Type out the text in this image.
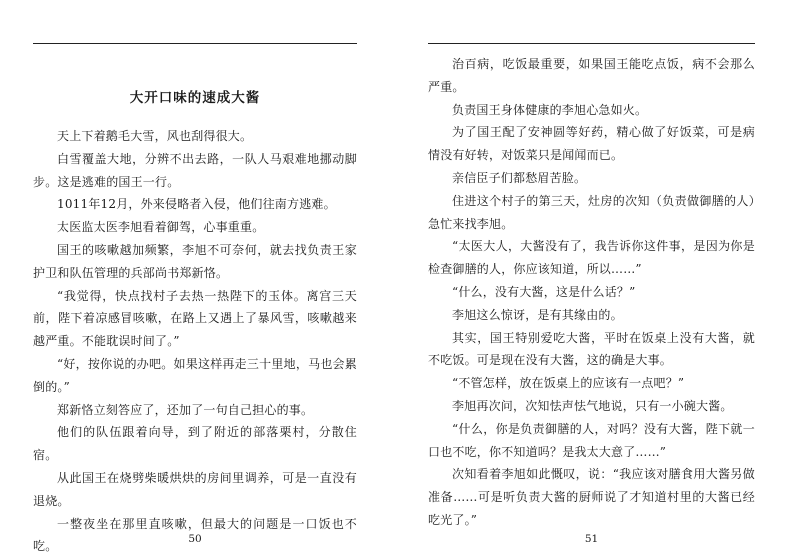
大开口味的速成大酱

天上下着鹅毛大雪，风也刮得很大。

白雪覆盖大地，分辨不出去路，一队人马艰难地挪动脚步。这是逃难的国王一行。

1011年12月，外来侵略者入侵，他们往南方逃难。

太医监太医李旭看着御驾，心事重重。

国王的咳嗽越加频繁，李旭不可奈何，就去找负责王家护卫和队伍管理的兵部尚书郑新恪。

“我觉得，快点找村子去热一热陛下的玉体。离宫三天前，陛下着凉感冒咳嗽，在路上又遇上了暴风雪，咳嗽越来越严重。不能耽误时间了。”

“好，按你说的办吧。如果这样再走三十里地，马也会累倒的。”

郑新恪立刻答应了，还加了一句自己担心的事。

他们的队伍跟着向导，到了附近的部落栗村，分散住宿。

从此国王在烧劈柴暖烘烘的房间里调养，可是一直没有退烧。

一整夜坐在那里直咳嗽，但最大的问题是一口饭也不吃。

50

治百病，吃饭最重要，如果国王能吃点饭，病不会那么严重。

负责国王身体健康的李旭心急如火。

为了国王配了安神圆等好药，精心做了好饭菜，可是病情没有好转，对饭菜只是闻闻而已。

亲信臣子们都愁眉苦脸。

住进这个村子的第三天，灶房的次知（负责做御膳的人）急忙来找李旭。

“太医大人，大酱没有了，我告诉你这件事，是因为你是检查御膳的人，你应该知道，所以……”

“什么，没有大酱，这是什么话？”

李旭这么惊讶，是有其缘由的。

其实，国王特别爱吃大酱，平时在饭桌上没有大酱，就不吃饭。可是现在没有大酱，这的确是大事。

“不管怎样，放在饭桌上的应该有一点吧？”

李旭再次问，次知怯声怯气地说，只有一小碗大酱。

“什么，你是负责御膳的人，对吗？没有大酱，陛下就一口也不吃，你不知道吗？是我太大意了……”

次知看着李旭如此慨叹，说：“我应该对膳食用大酱另做准备……可是听负责大酱的厨师说了才知道村里的大酱已经吃光了。”

51
